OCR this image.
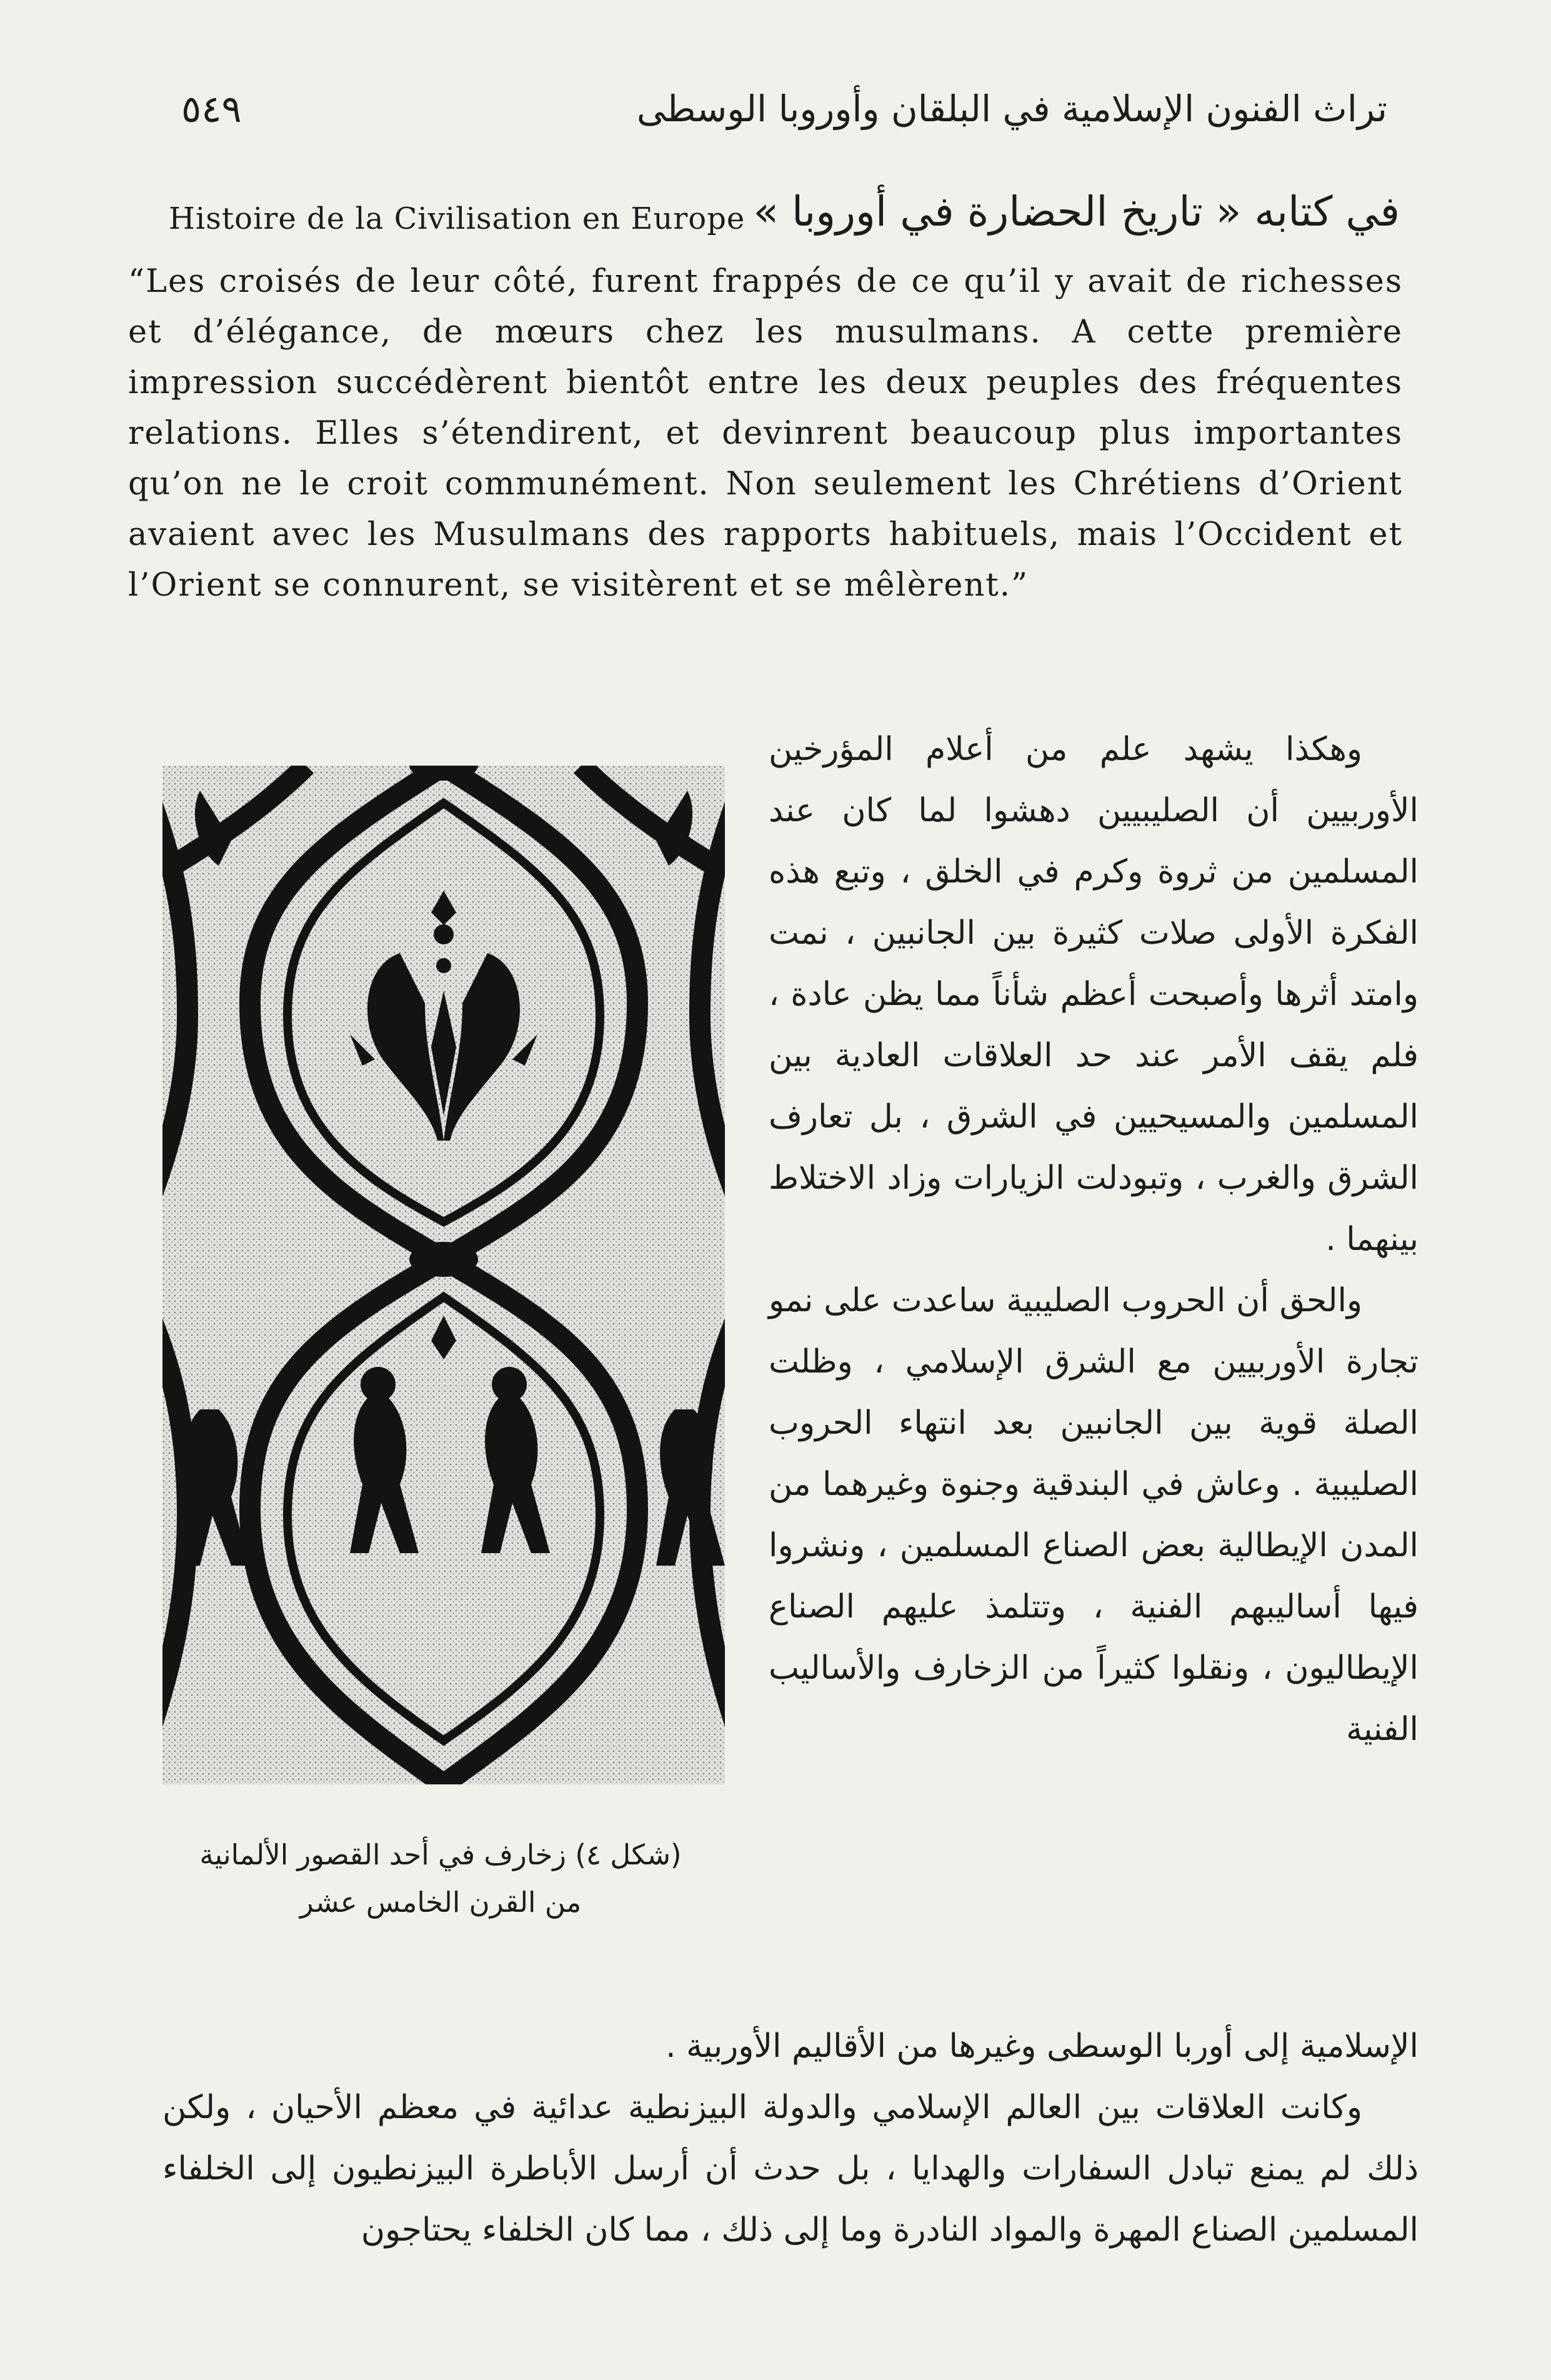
٥٤٩	تراث الفنون الإسلامية في البلقان وأوروبا الوسطى
Histoire de la Civilisation en Europe في كتابه « تاريخ الحضارة في أوروبا »
“Les croisés de leur côté, furent frappés de ce qu’il y avait de richesses et d’élégance, de mœurs chez les musulmans. A cette première impression succédèrent bientôt entre les deux peuples des fréquentes relations. Elles s’étendirent, et devinrent beaucoup plus importantes qu’on ne le croit communément. Non seulement les Chrétiens d’Orient avaient avec les Musulmans des rapports habituels, mais l’Occident et l’Orient se connurent, se visitèrent et se mêlèrent.”
(شكل ٤) زخارف في أحد القصور الألمانية
من القرن الخامس عشر

وهكذا يشهد علم من أعلام المؤرخين الأوربيين أن الصليبيين دهشوا لما كان عند المسلمين من ثروة وكرم في الخلق ، وتبع هذه الفكرة الأولى صلات كثيرة بين الجانبين ، نمت وامتد أثرها وأصبحت أعظم شأناً مما يظن عادة ، فلم يقف الأمر عند حد العلاقات العادية بين المسلمين والمسيحيين في الشرق ، بل تعارف الشرق والغرب ، وتبودلت الزيارات وزاد الاختلاط بينهما .

والحق أن الحروب الصليبية ساعدت على نمو تجارة الأوربيين مع الشرق الإسلامي ، وظلت الصلة قوية بين الجانبين بعد انتهاء الحروب الصليبية . وعاش في البندقية وجنوة وغيرهما من المدن الإيطالية بعض الصناع المسلمين ، ونشروا فيها أساليبهم الفنية ، وتتلمذ عليهم الصناع الإيطاليون ، ونقلوا كثيراً من الزخارف والأساليب الفنية

الإسلامية إلى أوربا الوسطى وغيرها من الأقاليم الأوربية .

وكانت العلاقات بين العالم الإسلامي والدولة البيزنطية عدائية في معظم الأحيان ، ولكن ذلك لم يمنع تبادل السفارات والهدايا ، بل حدث أن أرسل الأباطرة البيزنطيون إلى الخلفاء المسلمين الصناع المهرة والمواد النادرة وما إلى ذلك ، مما كان الخلفاء يحتاجون
